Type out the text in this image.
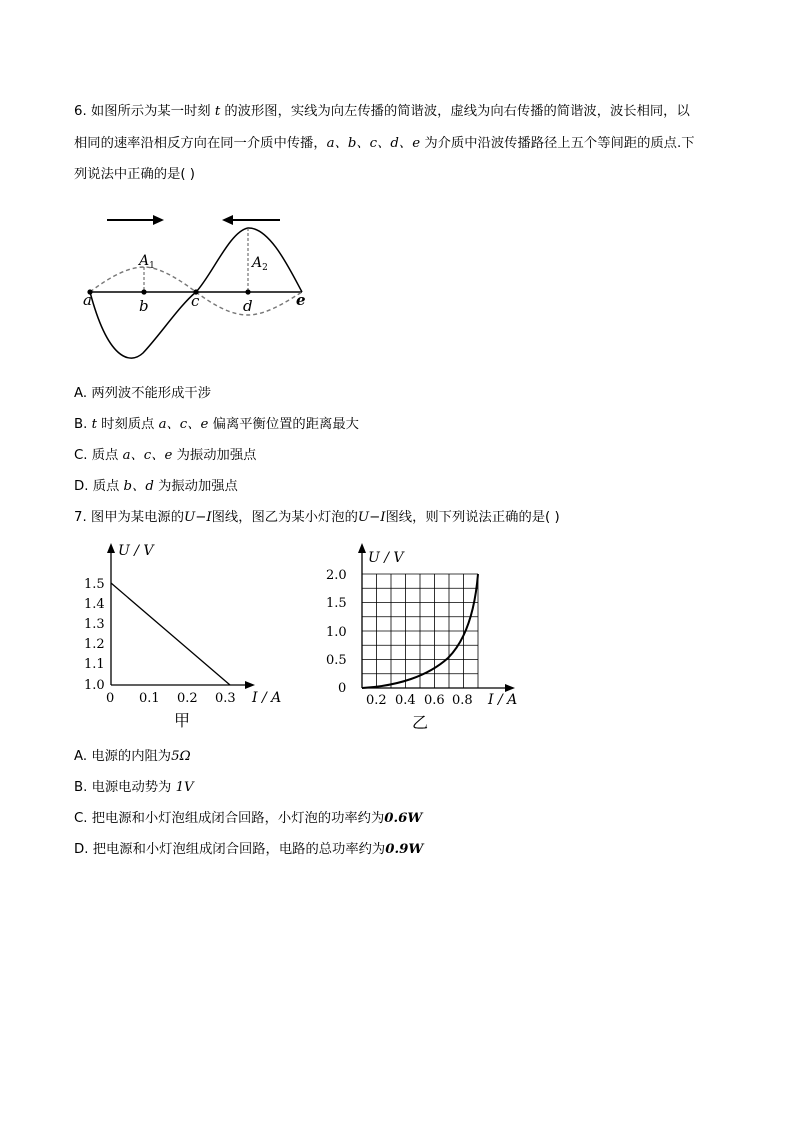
6. 如图所示为某一时刻 t 的波形图，实线为向左传播的简谐波，虚线为向右传播的简谐波，波长相同，以
相同的速率沿相反方向在同一介质中传播，a、b、c、d、e 为介质中沿波传播路径上五个等间距的质点.下
列说法中正确的是( )
a	b	c	d	e
$A_1$	$A_2$
A. 两列波不能形成干涉
B. t 时刻质点 a、c、e 偏离平衡位置的距离最大
C. 质点 a、c、e 为振动加强点
D. 质点 b、d 为振动加强点
7. 图甲为某电源的U−I图线，图乙为某小灯泡的U−I图线，则下列说法正确的是( )
U / V
1.5
1.4
1.3
1.2
1.1
1.0
0 0.1 0.2 0.3 I / A
甲
U / V
2.0
1.5
1.0
0.5
0
0.2 0.4 0.6 0.8 I / A
乙
A. 电源的内阻为5Ω
B. 电源电动势为 1V
C. 把电源和小灯泡组成闭合回路，小灯泡的功率约为0.6W
D. 把电源和小灯泡组成闭合回路，电路的总功率约为0.9W
